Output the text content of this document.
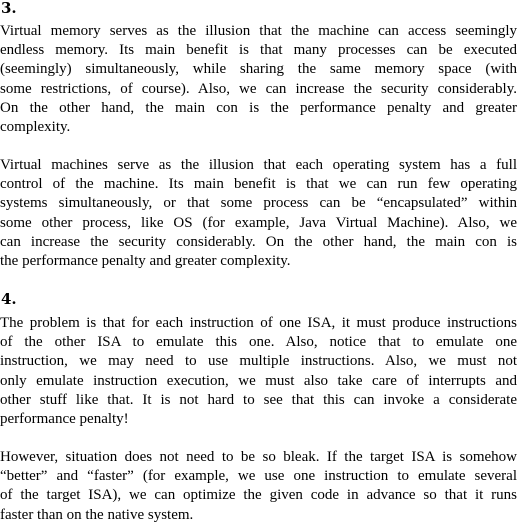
3.

Virtual memory serves as the illusion that the machine can access seemingly
endless memory. Its main benefit is that many processes can be executed
(seemingly) simultaneously, while sharing the same memory space (with
some restrictions, of course). Also, we can increase the security considerably.
On the other hand, the main con is the performance penalty and greater
complexity.

Virtual machines serve as the illusion that each operating system has a full
control of the machine. Its main benefit is that we can run few operating
systems simultaneously, or that some process can be “encapsulated” within
some other process, like OS (for example, Java Virtual Machine). Also, we
can increase the security considerably. On the other hand, the main con is
the performance penalty and greater complexity.

4.

The problem is that for each instruction of one ISA, it must produce instructions
of the other ISA to emulate this one. Also, notice that to emulate one
instruction, we may need to use multiple instructions. Also, we must not
only emulate instruction execution, we must also take care of interrupts and
other stuff like that. It is not hard to see that this can invoke a considerate
performance penalty!

However, situation does not need to be so bleak. If the target ISA is somehow
“better” and “faster” (for example, we use one instruction to emulate several
of the target ISA), we can optimize the given code in advance so that it runs
faster than on the native system.
